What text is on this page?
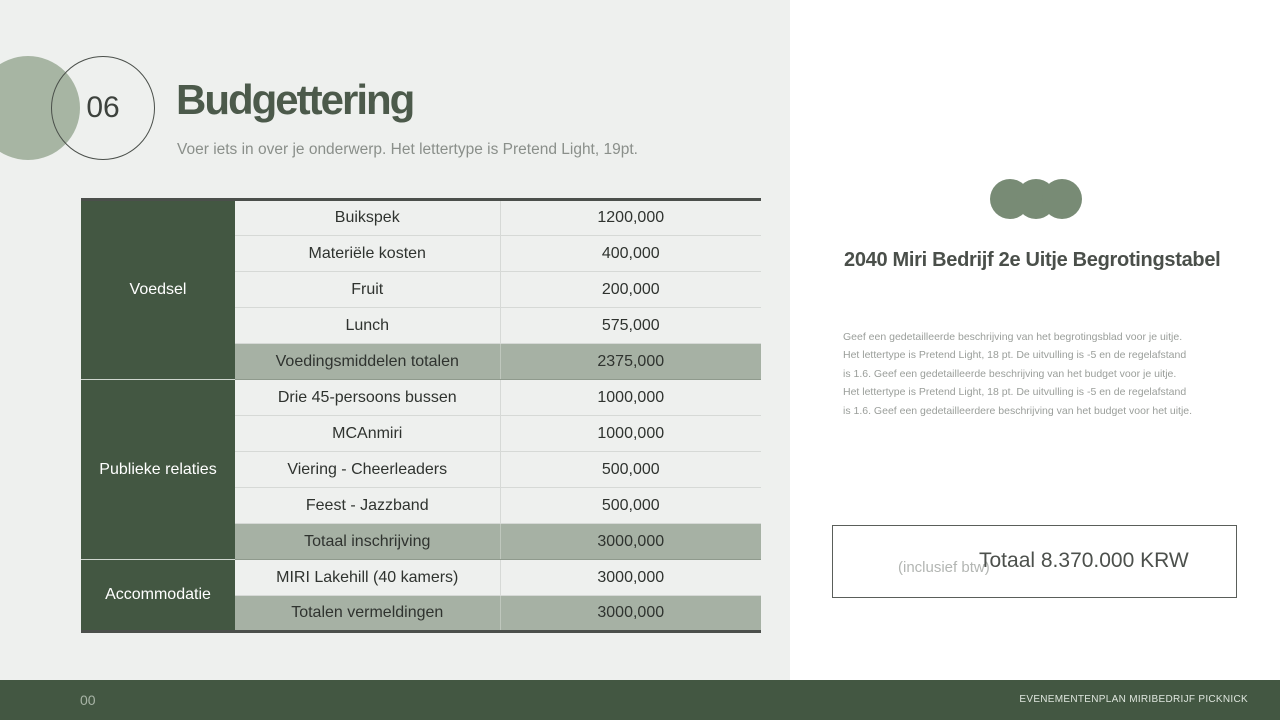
06	Budgettering

Voer iets in over je onderwerp. Het lettertype is Pretend Light, 19pt.

Voedsel	Buikspek	1200,000
	Materiële kosten	400,000
	Fruit	200,000
	Lunch	575,000
	Voedingsmiddelen totalen	2375,000
Publieke relaties	Drie 45-persoons bussen	1000,000
	MCAnmiri	1000,000
	Viering - Cheerleaders	500,000
	Feest - Jazzband	500,000
	Totaal inschrijving	3000,000
Accommodatie	MIRI Lakehill (40 kamers)	3000,000
	Totalen vermeldingen	3000,000
2040 Miri Bedrijf 2e Uitje Begrotingstabel
Geef een gedetailleerde beschrijving van het begrotingsblad voor je uitje.
Het lettertype is Pretend Light, 18 pt. De uitvulling is -5 en de regelafstand
is 1.6. Geef een gedetailleerde beschrijving van het budget voor je uitje.
Het lettertype is Pretend Light, 18 pt. De uitvulling is -5 en de regelafstand
is 1.6. Geef een gedetailleerdere beschrijving van het budget voor het uitje.
(inclusief btw)
Totaal 8.370.000 KRW
00	EVENEMENTENPLAN MIRIBEDRIJF PICKNICK
